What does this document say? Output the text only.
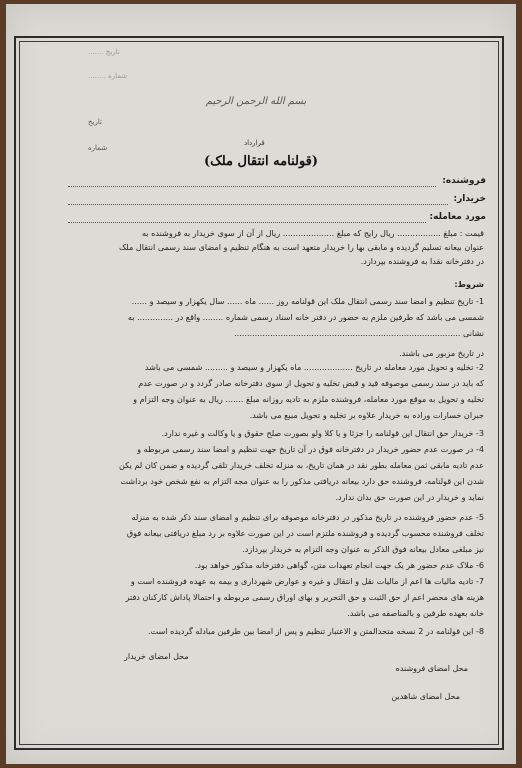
تاریخ .......
شماره ........
بسم الله الرحمن الرحیم
تاریخ
شماره
قرارداد
(قولنامه انتقال ملک)
فروشنده:
خریدار:
مورد معامله:
قیمت : مبلغ ................. ریال رایج که مبلغ .................... ریال از آن از سوی خریدار به فروشنده به
عنوان بیعانه تسلیم گردیده و مابقی بها را خریدار متعهد است به هنگام تنظیم و امضای سند رسمی انتقال ملک
در دفترخانه نقدا به فروشنده بپردازد.
شروط:
1- تاریخ تنظیم و امضا سند رسمی انتقال ملک این قولنامه روز ...... ماه ...... سال یکهزار و سیصد و ......
شمسی می باشد که طرفین ملزم به حضور در دفتر خانه اسناد رسمی شماره ........ واقع در .............. به
نشانی ........................................................................................
در تاریخ مزبور می باشند.
2- تخلیه و تحویل مورد معامله در تاریخ ................... ماه یکهزار و سیصد و ......... شمسی می باشد
که باید در سند رسمی موصوفه قید و قبض تخلیه و تحویل از سوی دفترخانه صادر گردد و در صورت عدم
تخلیه و تحویل به موقع مورد معامله، فروشنده ملزم به تادیه روزانه مبلغ ....... ریال به عنوان وجه التزام و
جبران خسارات وراده به خریدار علاوه بر تخلیه و تحویل مبیع می باشد.
3- خریدار حق انتقال این قولنامه را جزئا و یا کلا ولو بصورت صلح حقوق و یا وکالت و غیره ندارد.
4- در صورت عدم حضور خریدار در دفترخانه فوق در آن تاریخ جهت تنظیم و امضا سند رسمی مربوطه و
عدم تادیه مابقی ثمن معامله بطور نقد در همان تاریخ، به منزله تخلف خریدار تلقی گردیده و ضمن کان لم یکن
شدن این قولنامه، فروشنده حق دارد بیعانه دریافتی مذکور را به عنوان مجه التزام به نفع شخص خود برداشت
نماید و خریدار در این صورت حق بدان ندارد.
5- عدم حضور فروشنده در تاریخ مذکور در دفترخانه موصوفه برای تنظیم و امضای سند ذکر شده به منزله
تخلف فروشنده محسوب گردیده و فروشنده ملتزم است در این صورت علاوه بر رد مبلغ دریافتی بیعانه فوق
نیز مبلغی معادل بیعانه فوق الذکر به عنوان وجه التزام به خریدار بپردازد.
6- ملاک عدم حضور هر یک جهت انجام تعهدات متن، گواهی دفترخانه مذکور خواهد بود.
7- تادیه مالیات ها اعم از مالیات نقل و انتقال و غیره و عوارض شهرداری و بیمه به عهده فروشنده است و
هزینه های محضر اعم از حق الثبت و حق التحریر و بهای اوراق رسمی مربوطه و احتمالا پاداش کارکنان دفتر
خانه بعهده طرفین و بالمناصفه می باشد.
8- این قولنامه در 2 نسخه متحدالمتن و الاعتبار تنظیم و پس از امضا بین طرفین مبادله گردیده است.
محل امضای خریدار
محل امضای فروشنده
محل امضای شاهدین
